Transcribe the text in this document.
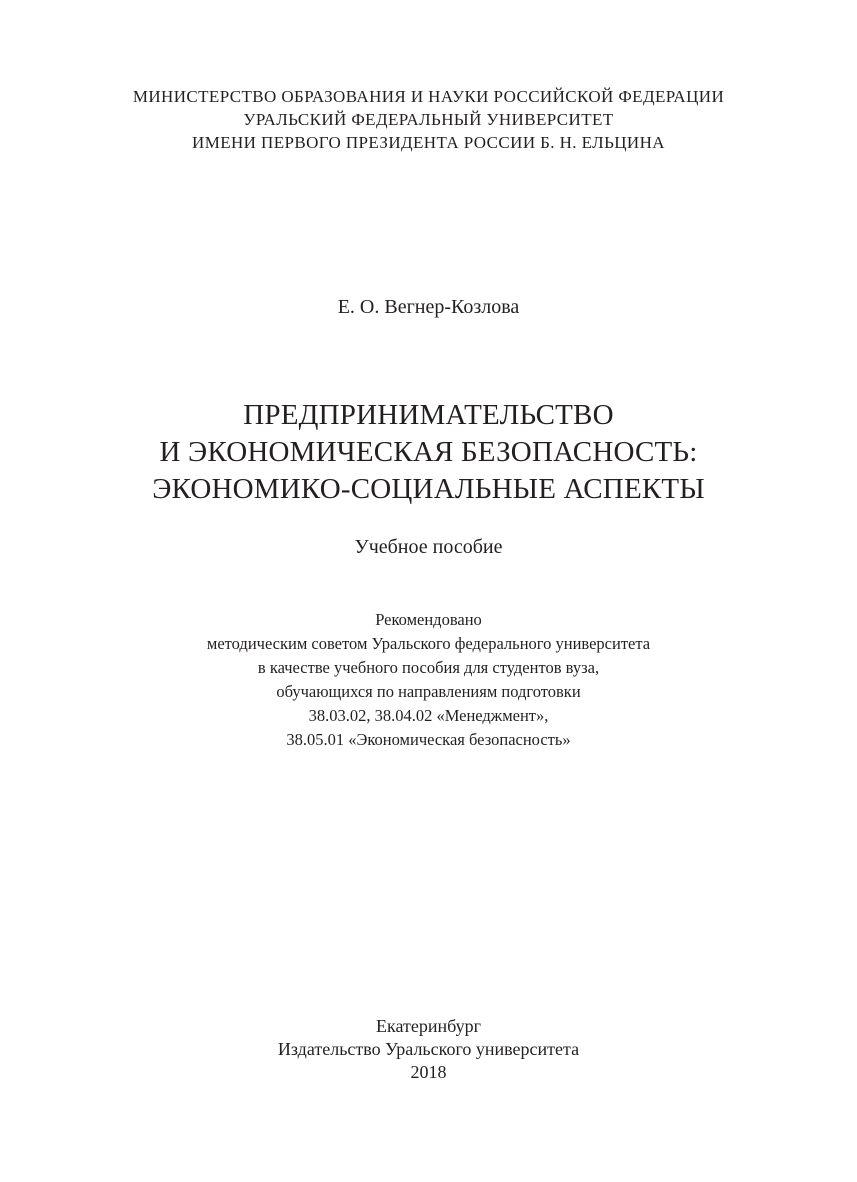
МИНИСТЕРСТВО ОБРАЗОВАНИЯ И НАУКИ РОССИЙСКОЙ ФЕДЕРАЦИИ
УРАЛЬСКИЙ ФЕДЕРАЛЬНЫЙ УНИВЕРСИТЕТ
ИМЕНИ ПЕРВОГО ПРЕЗИДЕНТА РОССИИ Б. Н. ЕЛЬЦИНА
Е. О. Вегнер-Козлова
ПРЕДПРИНИМАТЕЛЬСТВО
И ЭКОНОМИЧЕСКАЯ БЕЗОПАСНОСТЬ:
ЭКОНОМИКО-СОЦИАЛЬНЫЕ АСПЕКТЫ
Учебное пособие
Рекомендовано
методическим советом Уральского федерального университета
в качестве учебного пособия для студентов вуза,
обучающихся по направлениям подготовки
38.03.02, 38.04.02 «Менеджмент»,
38.05.01 «Экономическая безопасность»
Екатеринбург
Издательство Уральского университета
2018
